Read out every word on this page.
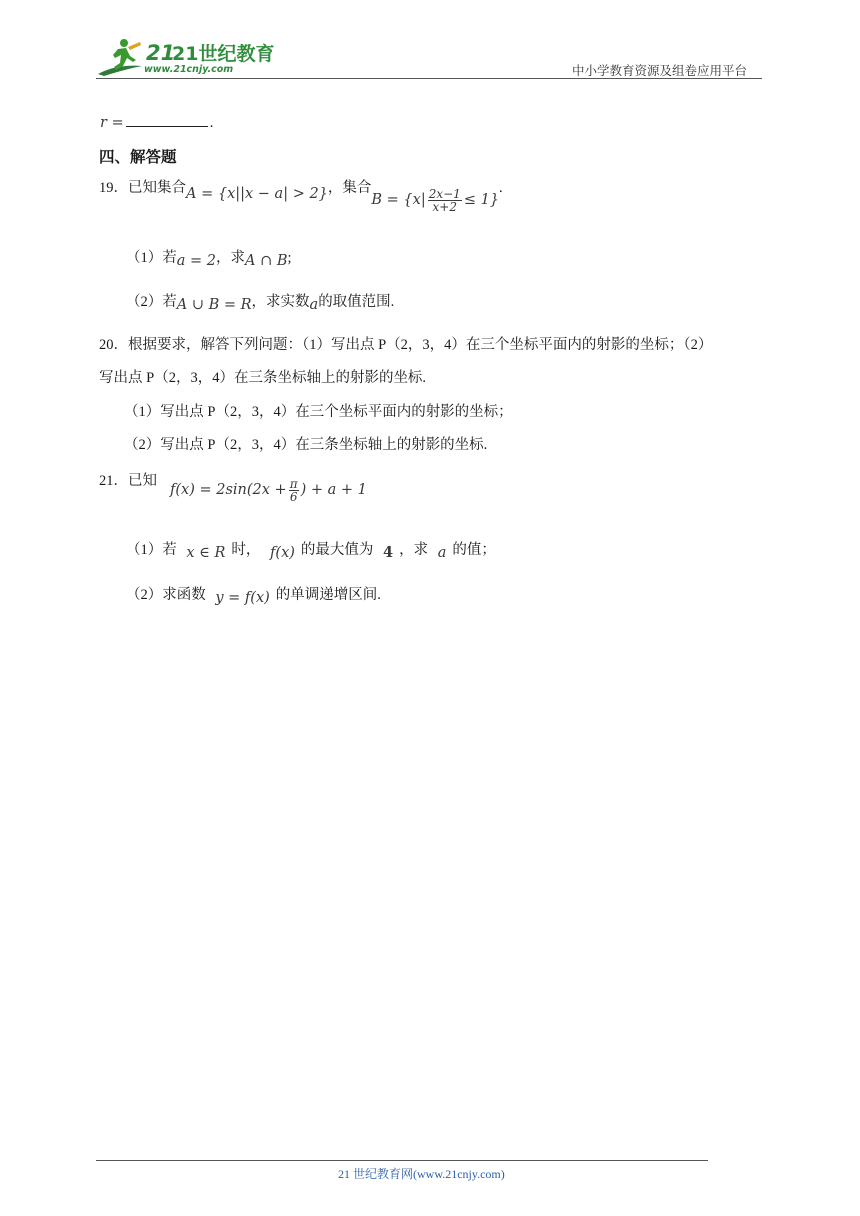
21
21世纪教育
www.21cnjy.com	中小学教育资源及组卷应用平台
r =	.
四、解答题
19．已知集合A = {x||x − a| > 2}，集合$B = \{x| \frac{2x-1}{x+2} \le 1\}$.
（1）若a = 2，求A ∩ B;
（2）若A ∪ B = R，求实数a的取值范围.
20．根据要求，解答下列问题：（1）写出点 P（2，3，4）在三个坐标平面内的射影的坐标；（2）
写出点 P（2，3，4）在三条坐标轴上的射影的坐标.
（1）写出点 P（2，3，4）在三个坐标平面内的射影的坐标；
（2）写出点 P（2，3，4）在三条坐标轴上的射影的坐标.
21．已知
$f(x) = 2\sin(2x + \frac{\pi}{6}$ ) + a + 1
（1）若 x ∈ R 时， f(x) 的最大值为 4 ，求 a 的值；
（2）求函数 y = f(x) 的单调递增区间.
21 世纪教育网(www.21cnjy.com)
